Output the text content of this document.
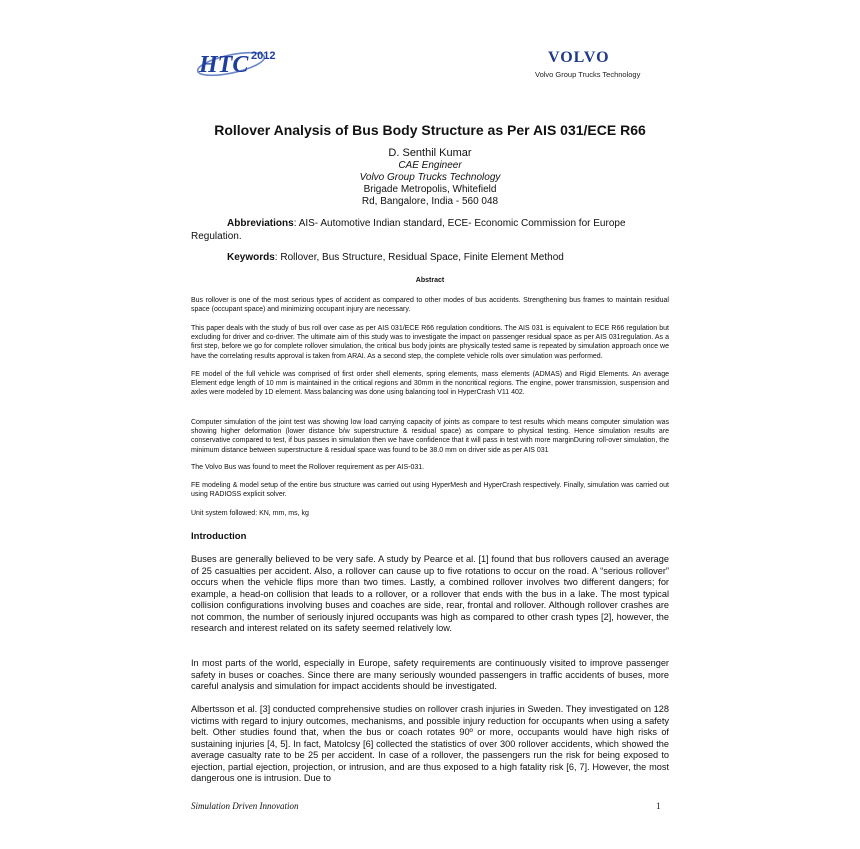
HTC 2012	VOLVO
Volvo Group Trucks Technology
Rollover Analysis of Bus Body Structure as Per AIS 031/ECE R66
D. Senthil Kumar
CAE Engineer
Volvo Group Trucks Technology
Brigade Metropolis, Whitefield
Rd, Bangalore, India - 560 048
Abbreviations: AIS- Automotive Indian standard, ECE- Economic Commission for Europe Regulation.
Keywords: Rollover, Bus Structure, Residual Space, Finite Element Method
Abstract

Bus rollover is one of the most serious types of accident as compared to other modes of bus accidents. Strengthening bus frames to maintain residual space (occupant space) and minimizing occupant injury are necessary.

This paper deals with the study of bus roll over case as per AIS 031/ECE R66 regulation conditions. The AIS 031 is equivalent to ECE R66 regulation but excluding for driver and co-driver. The ultimate aim of this study was to investigate the impact on passenger residual space as per AIS 031regulation. As a first step, before we go for complete rollover simulation, the critical bus body joints are physically tested same is repeated by simulation approach once we have the correlating results approval is taken from ARAI. As a second step, the complete vehicle rolls over simulation was performed.

FE model of the full vehicle was comprised of first order shell elements, spring elements, mass elements (ADMAS) and Rigid Elements. An average Element edge length of 10 mm is maintained in the critical regions and 30mm in the noncritical regions. The engine, power transmission, suspension and axles were modeled by 1D element. Mass balancing was done using balancing tool in HyperCrash V11 402.

Computer simulation of the joint test was showing low load carrying capacity of joints as compare to test results which means computer simulation was showing higher deformation (lower distance b/w superstructure & residual space) as compare to physical testing. Hence simulation results are conservative compared to test, if bus passes in simulation then we have confidence that it will pass in test with more marginDuring roll-over simulation, the minimum distance between superstructure & residual space was found to be 38.0 mm on driver side as per AIS 031

The Volvo Bus was found to meet the Rollover requirement as per AIS-031.

FE modeling & model setup of the entire bus structure was carried out using HyperMesh and HyperCrash respectively. Finally, simulation was carried out using RADIOSS explicit solver.

Unit system followed: KN, mm, ms, kg

Introduction

Buses are generally believed to be very safe. A study by Pearce et al. [1] found that bus rollovers caused an average of 25 casualties per accident. Also, a rollover can cause up to five rotations to occur on the road. A “serious rollover” occurs when the vehicle flips more than two times. Lastly, a combined rollover involves two different dangers; for example, a head-on collision that leads to a rollover, or a rollover that ends with the bus in a lake. The most typical collision configurations involving buses and coaches are side, rear, frontal and rollover. Although rollover crashes are not common, the number of seriously injured occupants was high as compared to other crash types [2], however, the research and interest related on its safety seemed relatively low.

In most parts of the world, especially in Europe, safety requirements are continuously visited to improve passenger safety in buses or coaches. Since there are many seriously wounded passengers in traffic accidents of buses, more careful analysis and simulation for impact accidents should be investigated.

Albertsson et al. [3] conducted comprehensive studies on rollover crash injuries in Sweden. They investigated on 128 victims with regard to injury outcomes, mechanisms, and possible injury reduction for occupants when using a safety belt. Other studies found that, when the bus or coach rotates 90º or more, occupants would have high risks of sustaining injuries [4, 5]. In fact, Matolcsy [6] collected the statistics of over 300 rollover accidents, which showed the average casualty rate to be 25 per accident. In case of a rollover, the passengers run the risk for being exposed to ejection, partial ejection, projection, or intrusion, and are thus exposed to a high fatality risk [6, 7]. However, the most dangerous one is intrusion. Due to

Simulation Driven Innovation	1
